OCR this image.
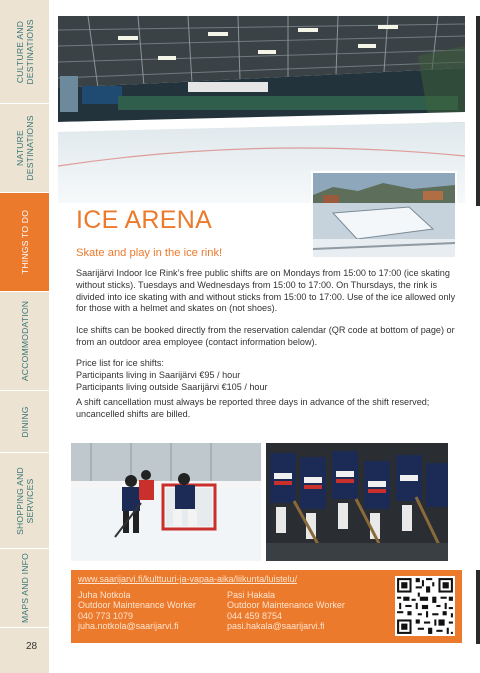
CULTURE AND
DESTINATIONS
NATURE
DESTINATIONS
THINGS TO DO
ACCOMMODATION
DINING
SHOPPING AND
SERVICES
MAPS AND INFO
28
ICE ARENA

Skate and play in the ice rink!

Saarijärvi Indoor Ice Rink’s free public shifts are on Mondays from 15:00 to 17:00 (ice skating without sticks). Tuesdays and Wednesdays from 15:00 to 17:00. On Thursdays, the rink is divided into ice skating with and without sticks from 15:00 to 17:00. Use of the ice allowed only for those with a helmet and skates on (not shoes).

Ice shifts can be booked directly from the reservation calendar (QR code at bottom of page) or from an outdoor area employee (contact information below).

Price list for ice shifts:
Participants living in Saarijärvi €95 / hour
Participants living outside Saarijärvi €105 / hour

A shift cancellation must always be reported three days in advance of the shift reserved; uncancelled shifts are billed.

www.saarijarvi.fi/kulttuuri-ja-vapaa-aika/liikunta/luistelu/
Juha Notkola
Outdoor Maintenance Worker
040 773 1079
juha.notkola@saarijarvi.fi
Pasi Hakala
Outdoor Maintenance Worker
044 459 8754
pasi.hakala@saarijarvi.fi
